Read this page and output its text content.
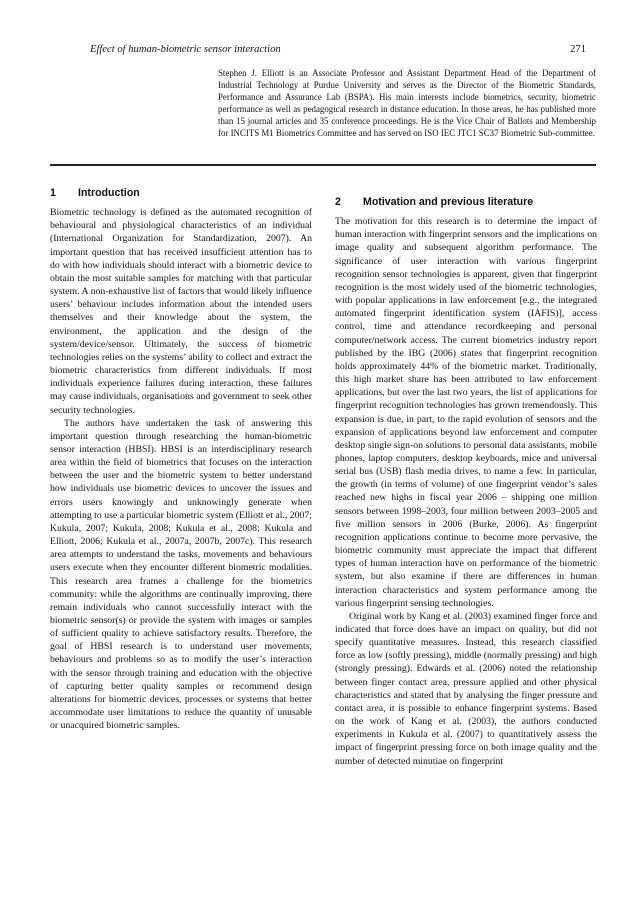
Effect of human-biometric sensor interaction	271
Stephen J. Elliott is an Associate Professor and Assistant Department Head of the Department of Industrial Technology at Purdue University and serves as the Director of the Biometric Standards, Performance and Assurance Lab (BSPA). His main interests include biometrics, security, biometric performance as well as pedagogical research in distance education. In those areas, he has published more than 15 journal articles and 35 conference proceedings. He is the Vice Chair of Ballots and Membership for INCITS M1 Biometrics Committee and has served on ISO IEC JTC1 SC37 Biometric Sub-committee.
1	Introduction

Biometric technology is defined as the automated recognition of behavioural and physiological characteristics of an individual (International Organization for Standardization, 2007). An important question that has received insufficient attention has to do with how individuals should interact with a biometric device to obtain the most suitable samples for matching with that particular system. A non-exhaustive list of factors that would likely influence users’ behaviour includes information about the intended users themselves and their knowledge about the system, the environment, the application and the design of the system/device/sensor. Ultimately, the success of biometric technologies relies on the systems’ ability to collect and extract the biometric characteristics from different individuals. If most individuals experience failures during interaction, these failures may cause individuals, organisations and government to seek other security technologies.

The authors have undertaken the task of answering this important question through researching the human-biometric sensor interaction (HBSI). HBSI is an interdisciplinary research area within the field of biometrics that focuses on the interaction between the user and the biometric system to better understand how individuals use biometric devices to uncover the issues and errors users knowingly and unknowingly generate when attempting to use a particular biometric system (Elliott et al., 2007; Kukula, 2007; Kukula, 2008; Kukula et al., 2008; Kukula and Elliott, 2006; Kukula et al., 2007a, 2007b, 2007c). This research area attempts to understand the tasks, movements and behaviours users execute when they encounter different biometric modalities. This research area frames a challenge for the biometrics community: while the algorithms are continually improving, there remain individuals who cannot successfully interact with the biometric sensor(s) or provide the system with images or samples of sufficient quality to achieve satisfactory results. Therefore, the goal of HBSI research is to understand user movements, behaviours and problems so as to modify the user’s interaction with the sensor through training and education with the objective of capturing better quality samples or recommend design alterations for biometric devices, processes or systems that better accommodate user limitations to reduce the quantity of unusable or unacquired biometric samples.

2	Motivation and previous literature

The motivation for this research is to determine the impact of human interaction with fingerprint sensors and the implications on image quality and subsequent algorithm performance. The significance of user interaction with various fingerprint recognition sensor technologies is apparent, given that fingerprint recognition is the most widely used of the biometric technologies, with popular applications in law enforcement [e.g., the integrated automated fingerprint identification system (IAFIS)], access control, time and attendance recordkeeping and personal computer/network access. The current biometrics industry report published by the IBG (2006) states that fingerprint recognition holds approximately 44% of the biometric market. Traditionally, this high market share has been attributed to law enforcement applications, but over the last two years, the list of applications for fingerprint recognition technologies has grown tremendously. This expansion is due, in part, to the rapid evolution of sensors and the expansion of applications beyond law enforcement and computer desktop single sign-on solutions to personal data assistants, mobile phones, laptop computers, desktop keyboards, mice and universal serial bus (USB) flash media drives, to name a few. In particular, the growth (in terms of volume) of one fingerprint vendor’s sales reached new highs in fiscal year 2006 – shipping one million sensors between 1998–2003, four million between 2003–2005 and five million sensors in 2006 (Burke, 2006). As fingerprint recognition applications continue to become more pervasive, the biometric community must appreciate the impact that different types of human interaction have on performance of the biometric system, but also examine if there are differences in human interaction characteristics and system performance among the various fingerprint sensing technologies.

Original work by Kang et al. (2003) examined finger force and indicated that force does have an impact on quality, but did not specify quantitative measures. Instead, this research classified force as low (softly pressing), middle (normally pressing) and high (strongly pressing). Edwards et al. (2006) noted the relationship between finger contact area, pressure applied and other physical characteristics and stated that by analysing the finger pressure and contact area, it is possible to enhance fingerprint systems. Based on the work of Kang et al. (2003), the authors conducted experiments in Kukula et al. (2007) to quantitatively assess the impact of fingerprint pressing force on both image quality and the number of detected minutiae on fingerprint
